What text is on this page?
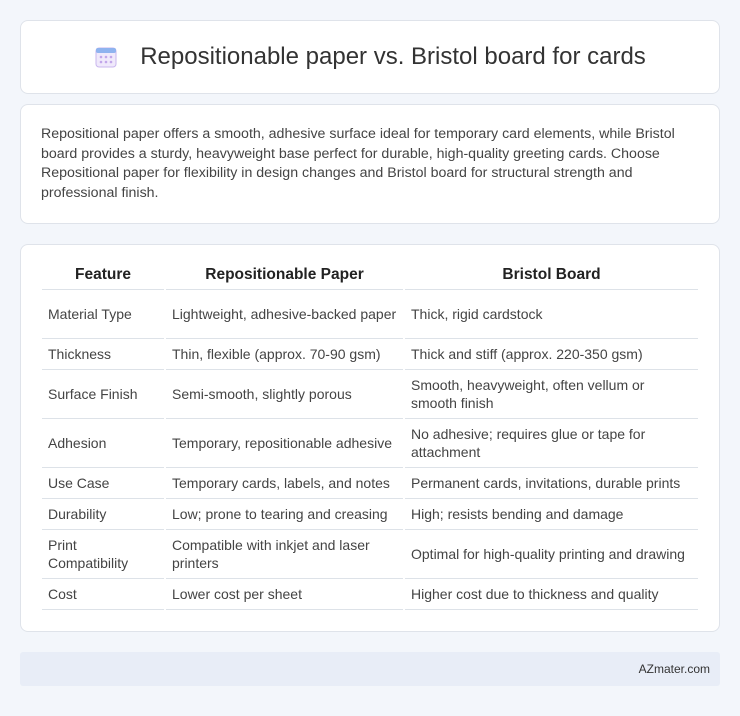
Repositionable paper vs. Bristol board for cards

Repositional paper offers a smooth, adhesive surface ideal for temporary card elements, while Bristol board provides a sturdy, heavyweight base perfect for durable, high-quality greeting cards. Choose Repositional paper for flexibility in design changes and Bristol board for structural strength and professional finish.

Feature	Repositionable Paper	Bristol Board
Material Type	Lightweight, adhesive-backed paper	Thick, rigid cardstock
Thickness	Thin, flexible (approx. 70-90 gsm)	Thick and stiff (approx. 220-350 gsm)
Surface Finish	Semi-smooth, slightly porous	Smooth, heavyweight, often vellum or smooth finish
Adhesion	Temporary, repositionable adhesive	No adhesive; requires glue or tape for attachment
Use Case	Temporary cards, labels, and notes	Permanent cards, invitations, durable prints
Durability	Low; prone to tearing and creasing	High; resists bending and damage
Print Compatibility	Compatible with inkjet and laser printers	Optimal for high-quality printing and drawing
Cost	Lower cost per sheet	Higher cost due to thickness and quality
AZmater.com
